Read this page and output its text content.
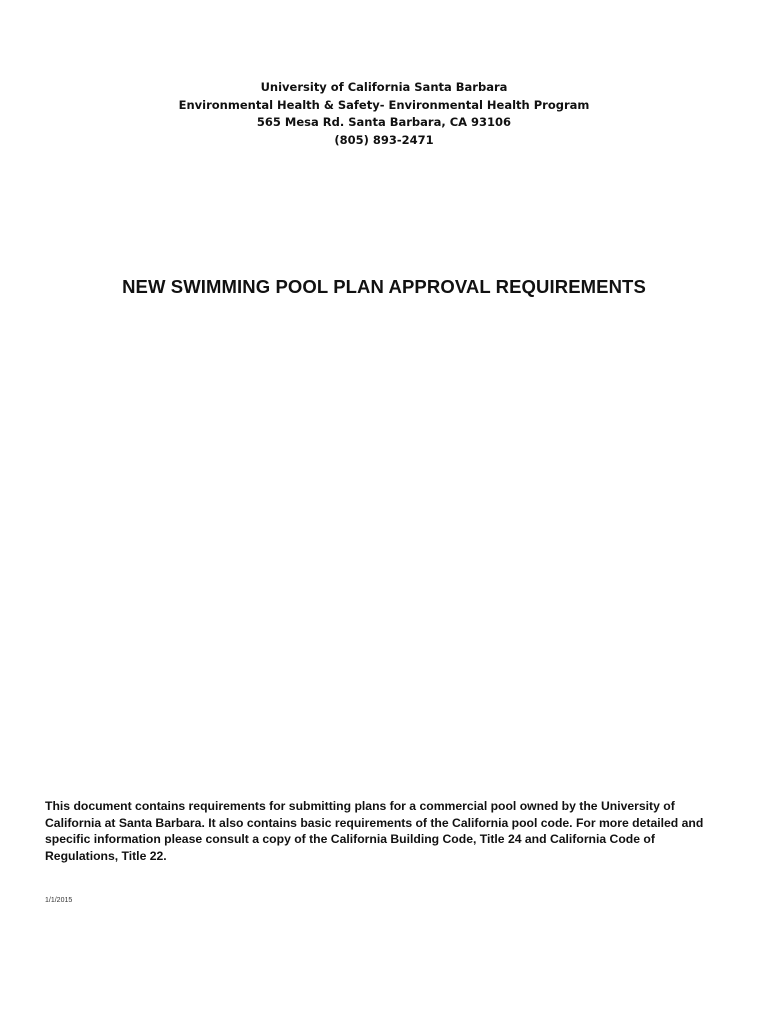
University of California Santa Barbara
Environmental Health & Safety- Environmental Health Program
565 Mesa Rd. Santa Barbara, CA 93106
(805) 893-2471
NEW SWIMMING POOL PLAN APPROVAL REQUIREMENTS
This document contains requirements for submitting plans for a commercial pool owned by the University of
California at Santa Barbara. It also contains basic requirements of the California pool code. For more detailed and
specific information please consult a copy of the California Building Code, Title 24 and California Code of
Regulations, Title 22.
1/1/2015
